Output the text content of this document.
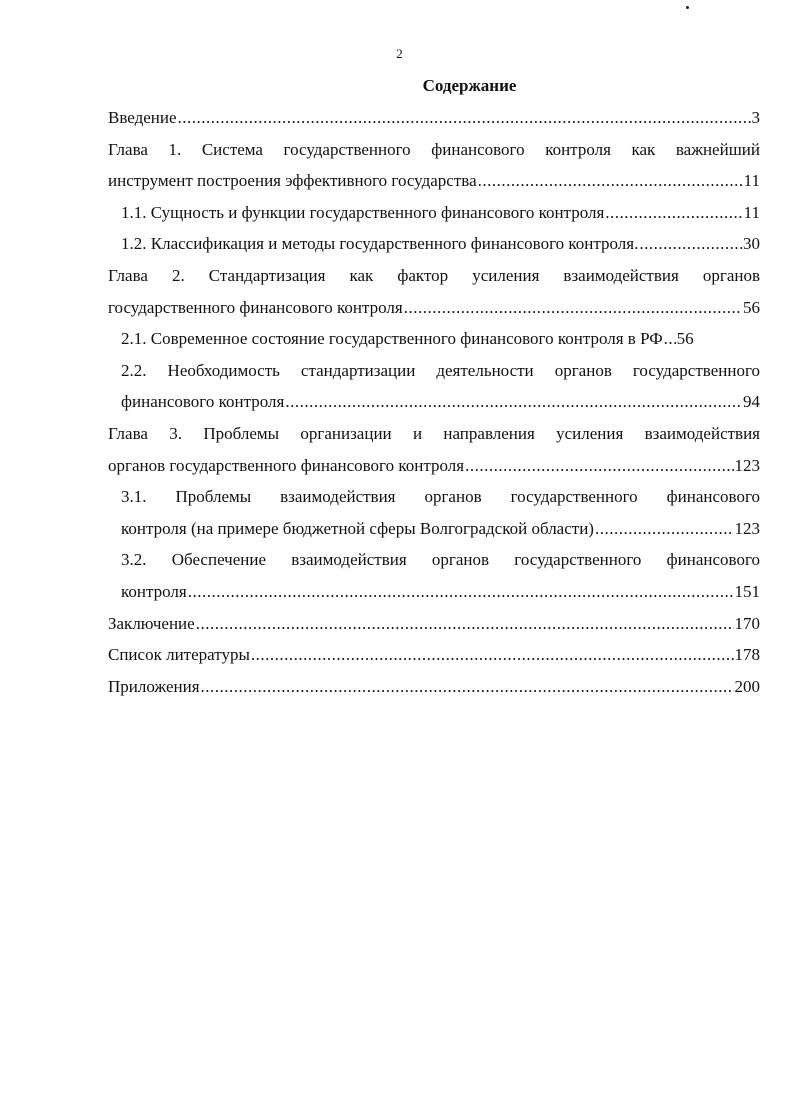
2
Содержание
Введение .....	3
Глава 1. Система государственного финансового контроля как важнейший
инструмент построения эффективного государства .....	11
1.1. Сущность и функции государственного финансового контроля .....	11
1.2. Классификация и методы государственного финансового контроля. .....	30
Глава 2. Стандартизация как фактор усиления взаимодействия органов
государственного финансового контроля .....	56
2.1. Современное состояние государственного финансового контроля в РФ ..... 56
2.2. Необходимость стандартизации деятельности органов государственного
финансового контроля .....	94
Глава 3. Проблемы организации и направления усиления взаимодействия
органов государственного финансового контроля .....	123
3.1. Проблемы взаимодействия органов государственного финансового
контроля (на примере бюджетной сферы Волгоградской области) .....	123
3.2. Обеспечение взаимодействия органов государственного финансового
контроля .....	151
Заключение .....	170
Список литературы .....	178
Приложения .....	200
